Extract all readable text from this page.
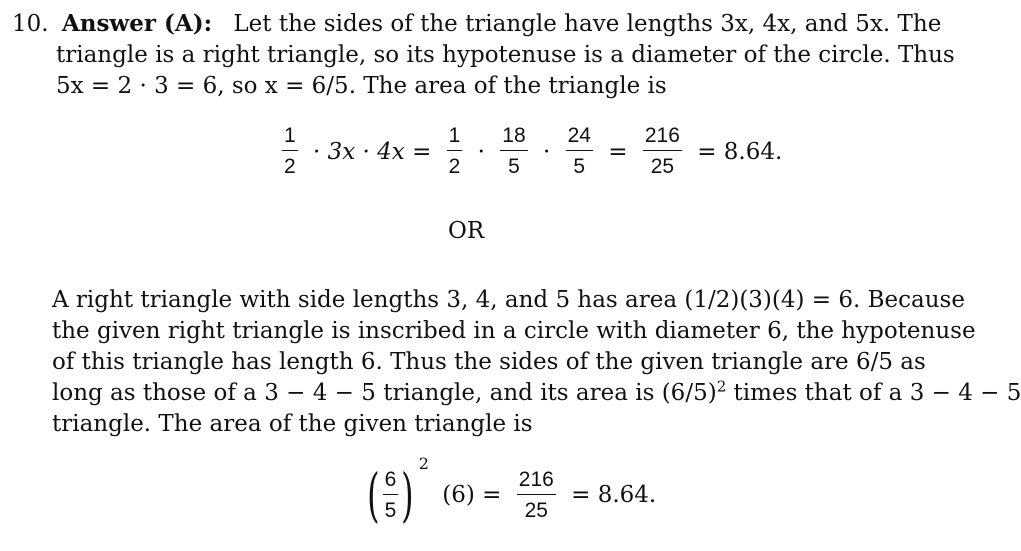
10. Answer (A): Let the sides of the triangle have lengths 3x, 4x, and 5x. The
triangle is a right triangle, so its hypotenuse is a diameter of the circle. Thus
5x = 2 · 3 = 6, so x = 6/5. The area of the triangle is
$\frac{1}{2} \cdot 3x \cdot 4x = \frac{1}{2} \cdot \frac{18}{5} \cdot \frac{24}{5} = \frac{216}{25} = 8.64$.
OR
A right triangle with side lengths 3, 4, and 5 has area (1/2)(3)(4) = 6. Because
the given right triangle is inscribed in a circle with diameter 6, the hypotenuse
of this triangle has length 6. Thus the sides of the given triangle are 6/5 as
long as those of a 3 − 4 − 5 triangle, and its area is $(6/5)^2$ times that of a 3 − 4 − 5
triangle. The area of the given triangle is
( $\frac{6}{5}$ ) 2
$(6) = \frac{216}{25} = 8.64$.
